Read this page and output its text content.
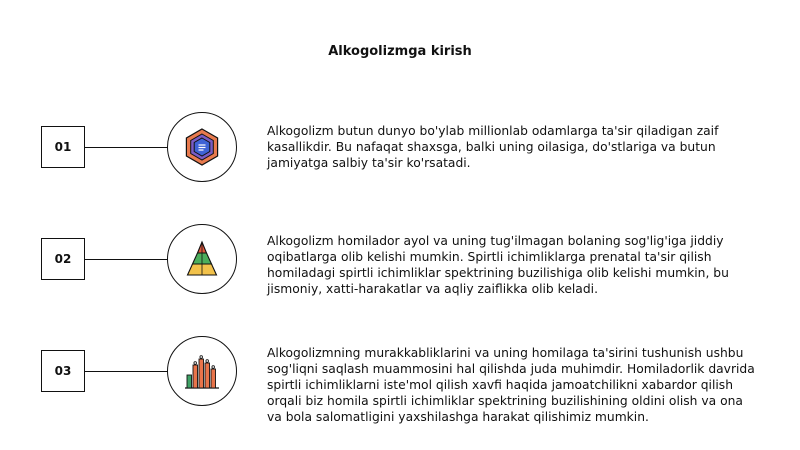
Alkogolizmga kirish
01
Alkogolizm butun dunyo bo'ylab millionlab odamlarga ta'sir qiladigan zaif kasallikdir. Bu nafaqat shaxsga, balki uning oilasiga, do'stlariga va butun jamiyatga salbiy ta'sir ko'rsatadi.
02
Alkogolizm homilador ayol va uning tug'ilmagan bolaning sog'lig'iga jiddiy oqibatlarga olib kelishi mumkin. Spirtli ichimliklarga prenatal ta'sir qilish homiladagi spirtli ichimliklar spektrining buzilishiga olib kelishi mumkin, bu jismoniy, xatti-harakatlar va aqliy zaiflikka olib keladi.
03
Alkogolizmning murakkabliklarini va uning homilaga ta'sirini tushunish ushbu sog'liqni saqlash muammosini hal qilishda juda muhimdir. Homiladorlik davrida spirtli ichimliklarni iste'mol qilish xavfi haqida jamoatchilikni xabardor qilish orqali biz homila spirtli ichimliklar spektrining buzilishining oldini olish va ona va bola salomatligini yaxshilashga harakat qilishimiz mumkin.
